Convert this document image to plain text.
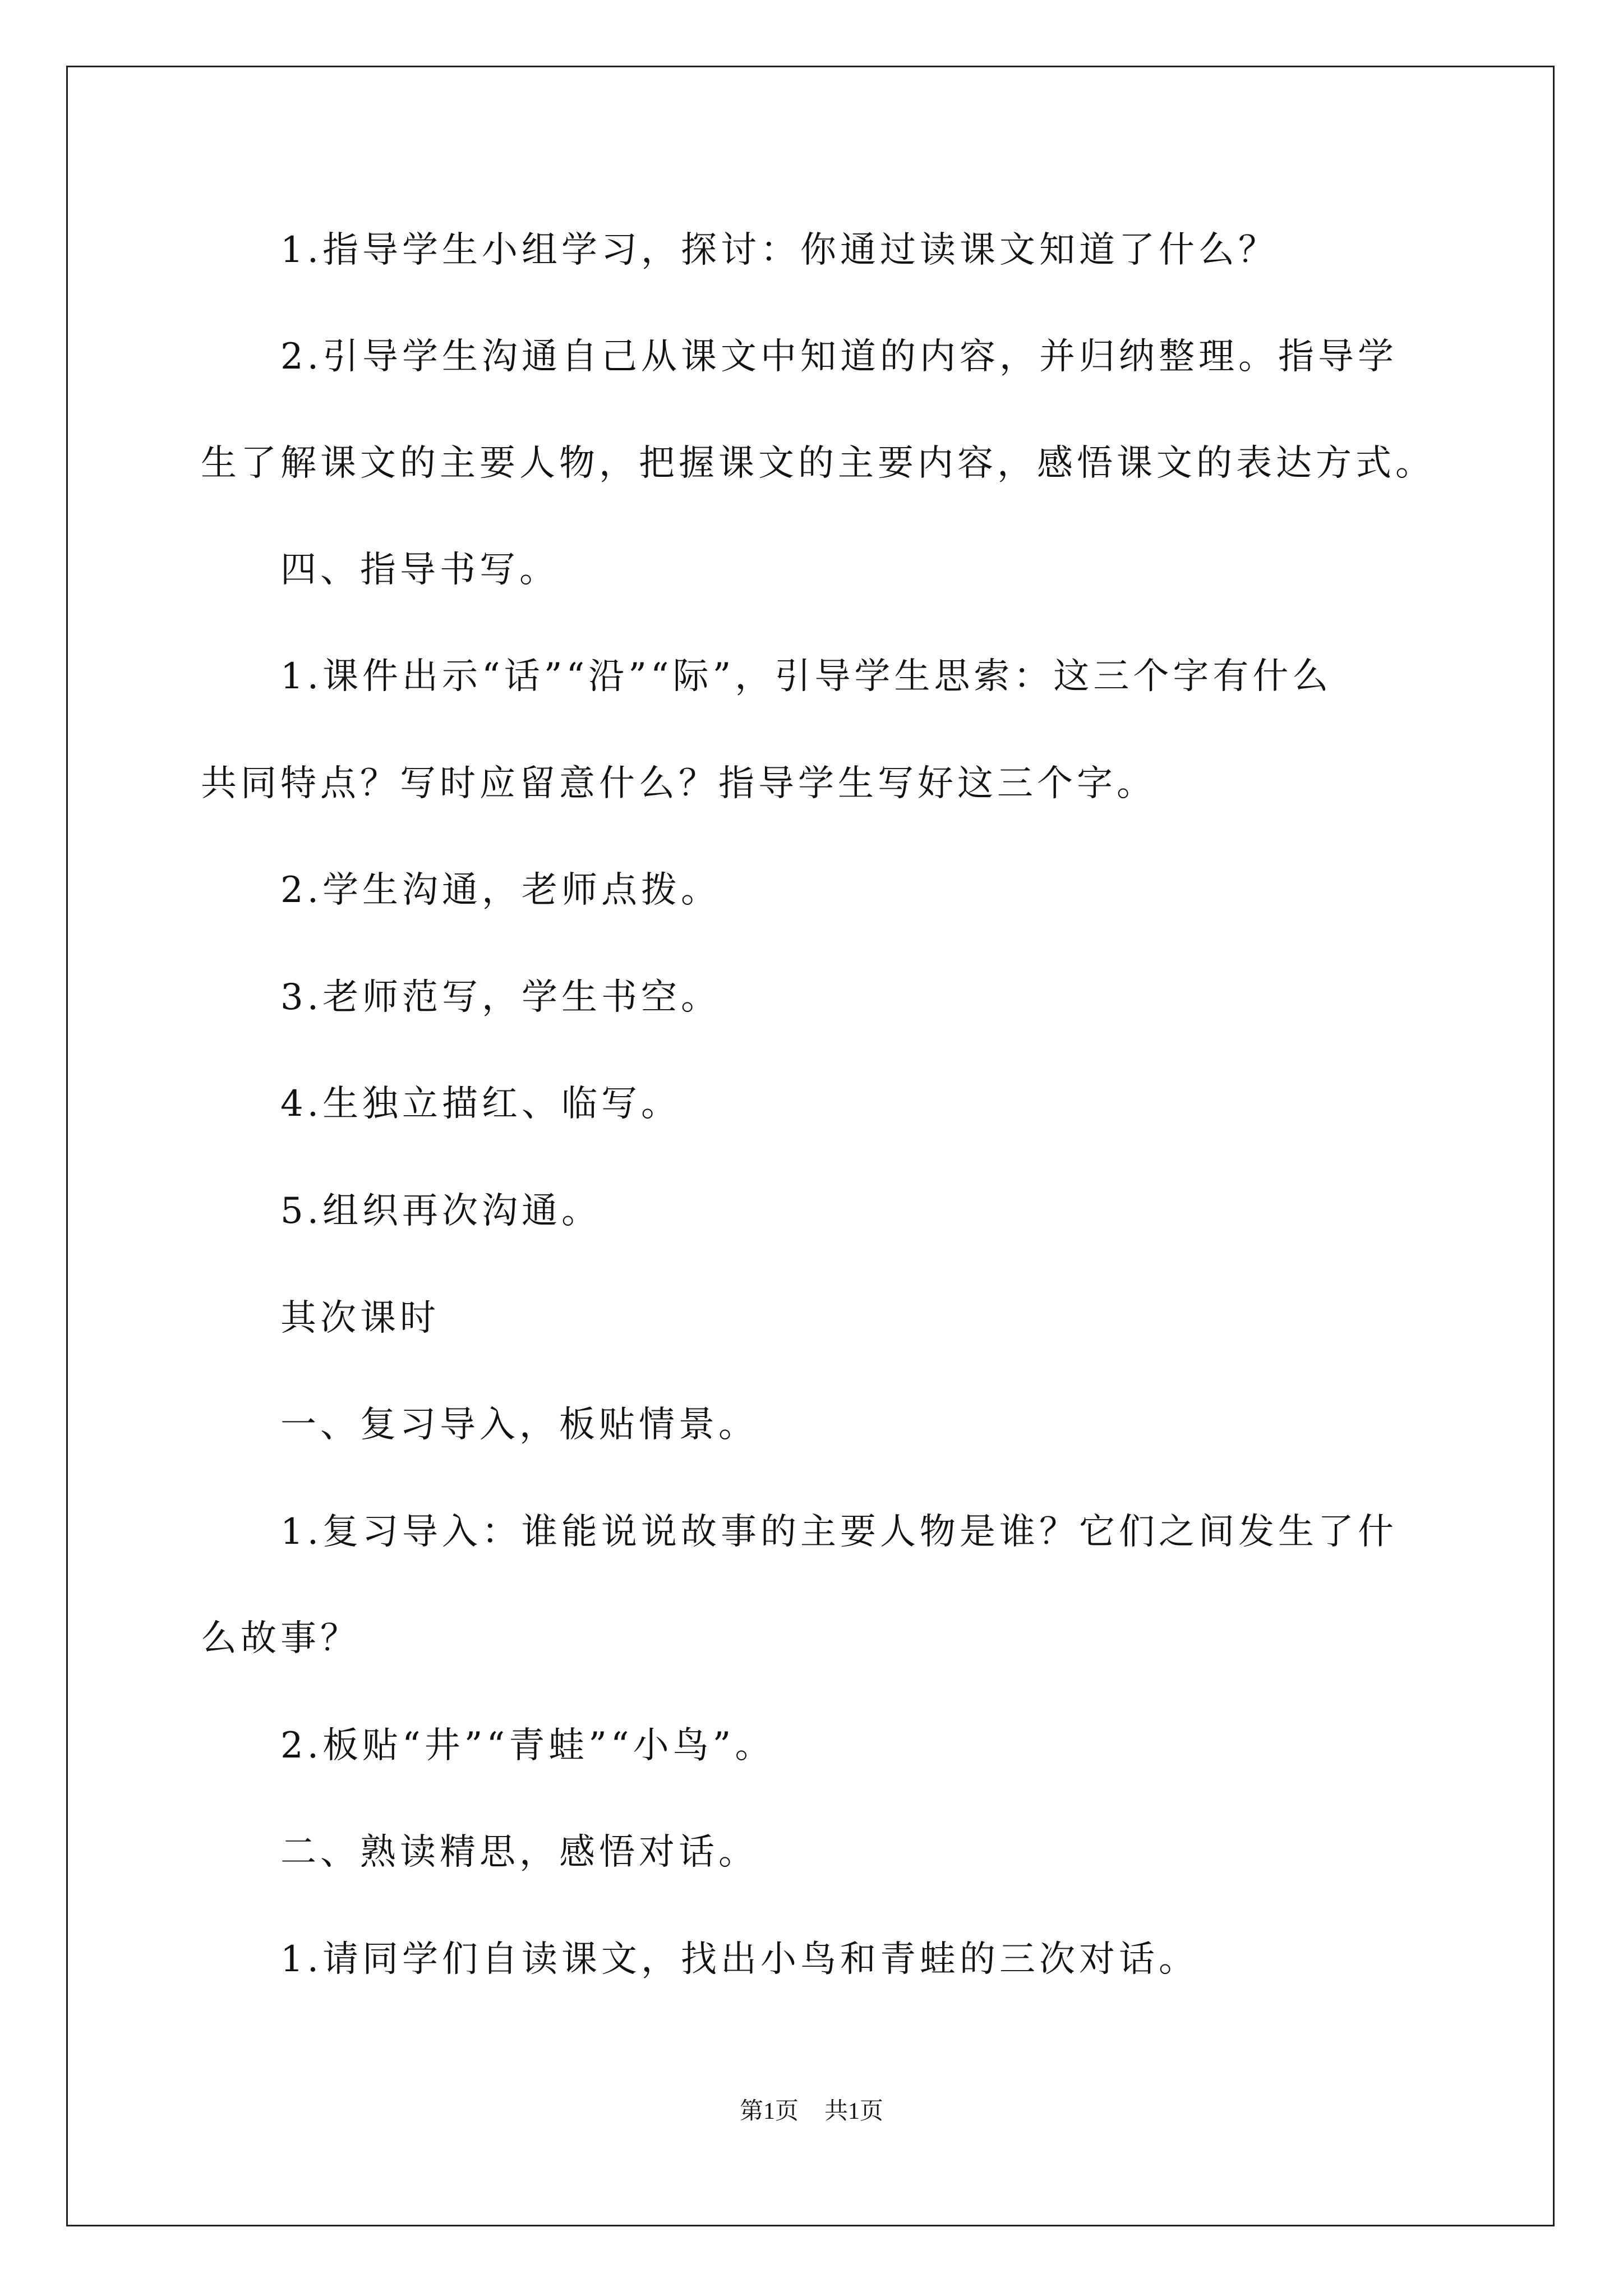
1.指导学生小组学习，探讨：你通过读课文知道了什么？
2.引导学生沟通自己从课文中知道的内容，并归纳整理。指导学
生了解课文的主要人物，把握课文的主要内容，感悟课文的表达方式。
四、指导书写。
1.课件出示“话”“沿”“际”，引导学生思索：这三个字有什么
共同特点？写时应留意什么？指导学生写好这三个字。
2.学生沟通，老师点拨。
3.老师范写，学生书空。
4.生独立描红、临写。
5.组织再次沟通。
其次课时
一、复习导入，板贴情景。
1.复习导入：谁能说说故事的主要人物是谁？它们之间发生了什
么故事？
2.板贴“井”“青蛙”“小鸟”。
二、熟读精思，感悟对话。
1.请同学们自读课文，找出小鸟和青蛙的三次对话。
第1页 共1页
